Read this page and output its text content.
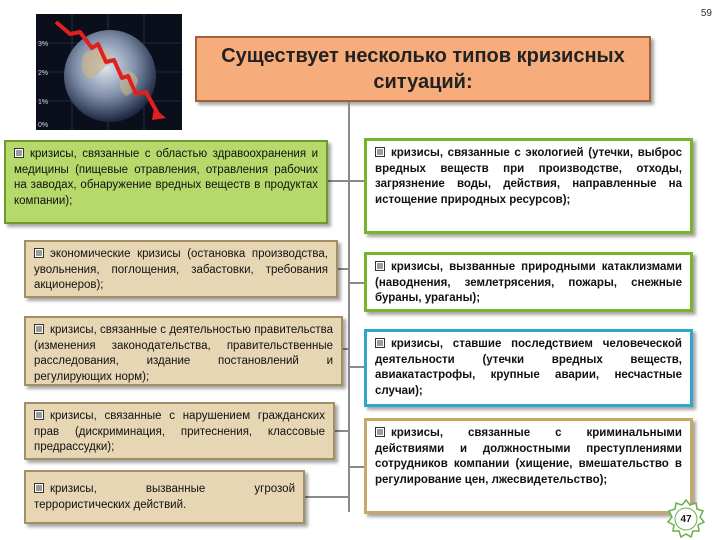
59
3%
2%
1%
0%
Существует несколько типов кризисных ситуаций:
кризисы, связанные с областью здравоохранения и медицины (пищевые отравления, отравления рабочих на заводах, обнаружение вредных веществ в продуктах компании);
экономические кризисы (остановка производства, увольнения, поглощения, забастовки, требования акционеров);
кризисы, связанные с деятельностью правительства (изменения законодательства, правительственные расследования, издание постановлений и регулирующих норм);
кризисы, связанные с нарушением гражданских прав (дискриминация, притеснения, классовые предрассудки);
кризисы, вызванные угрозой террористических действий.
кризисы, связанные с экологией (утечки, выброс вредных веществ при производстве, отходы, загрязнение воды, действия, направленные на истощение природных ресурсов);
кризисы, вызванные природными катаклизмами (наводнения, землетрясения, пожары, снежные бураны, ураганы);
кризисы, ставшие последствием человеческой деятельности (утечки вредных веществ, авиакатастрофы, крупные аварии, несчастные случаи);
кризисы, связанные с криминальными действиями и должностными преступлениями сотрудников компании (хищение, вмешательство в регулирование цен, лжесвидетельство);
47
